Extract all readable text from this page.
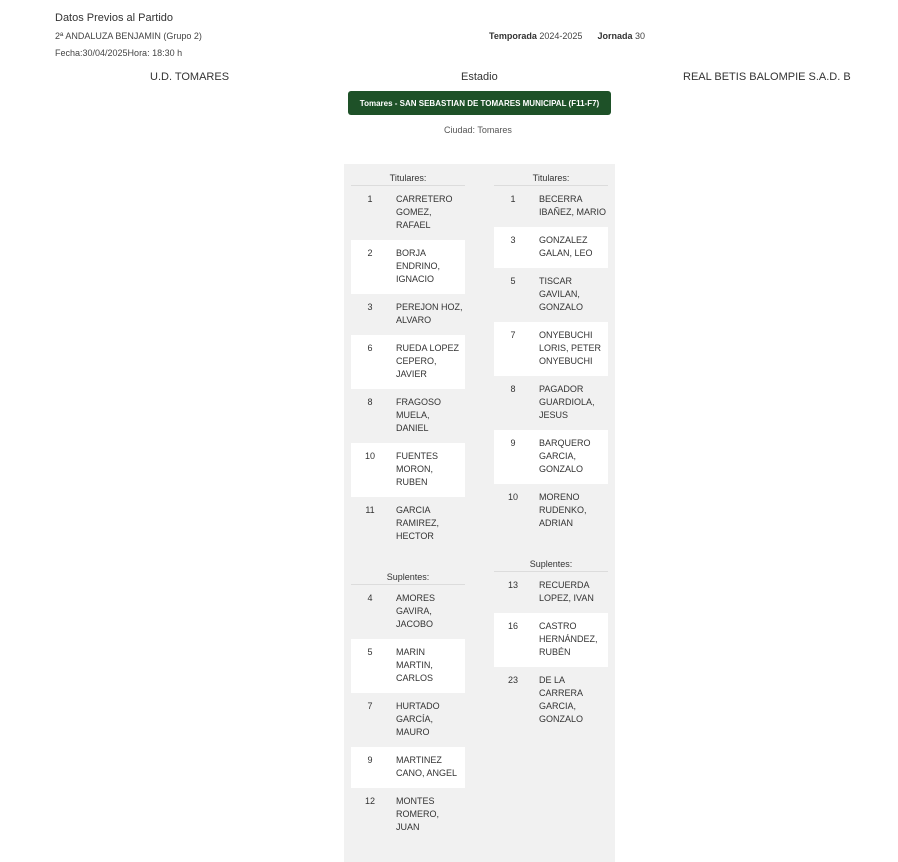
Datos Previos al Partido
2ª ANDALUZA BENJAMIN (Grupo 2)
Fecha:30/04/2025Hora: 18:30 h
Temporada 2024-2025 Jornada 30
U.D. TOMARES	Estadio	REAL BETIS BALOMPIE S.A.D. B
Tomares - SAN SEBASTIAN DE TOMARES MUNICIPAL (F11-F7)
Ciudad: Tomares
Titulares:
1	CARRETERO GOMEZ, RAFAEL
2	BORJA ENDRINO, IGNACIO
3	PEREJON HOZ, ALVARO
6	RUEDA LOPEZ CEPERO, JAVIER
8	FRAGOSO MUELA, DANIEL
10	FUENTES MORON, RUBEN
11	GARCIA RAMIREZ, HECTOR
Suplentes:
4	AMORES GAVIRA, JACOBO
5	MARIN MARTIN, CARLOS
7	HURTADO GARCÍA, MAURO
9	MARTINEZ CANO, ANGEL
12	MONTES ROMERO, JUAN
Titulares:
1	BECERRA IBAÑEZ, MARIO
3	GONZALEZ GALAN, LEO
5	TISCAR GAVILAN, GONZALO
7	ONYEBUCHI LORIS, PETER ONYEBUCHI
8	PAGADOR GUARDIOLA, JESUS
9	BARQUERO GARCIA, GONZALO
10	MORENO RUDENKO, ADRIAN
Suplentes:
13	RECUERDA LOPEZ, IVAN
16	CASTRO HERNÁNDEZ, RUBÉN
23	DE LA CARRERA GARCIA, GONZALO
